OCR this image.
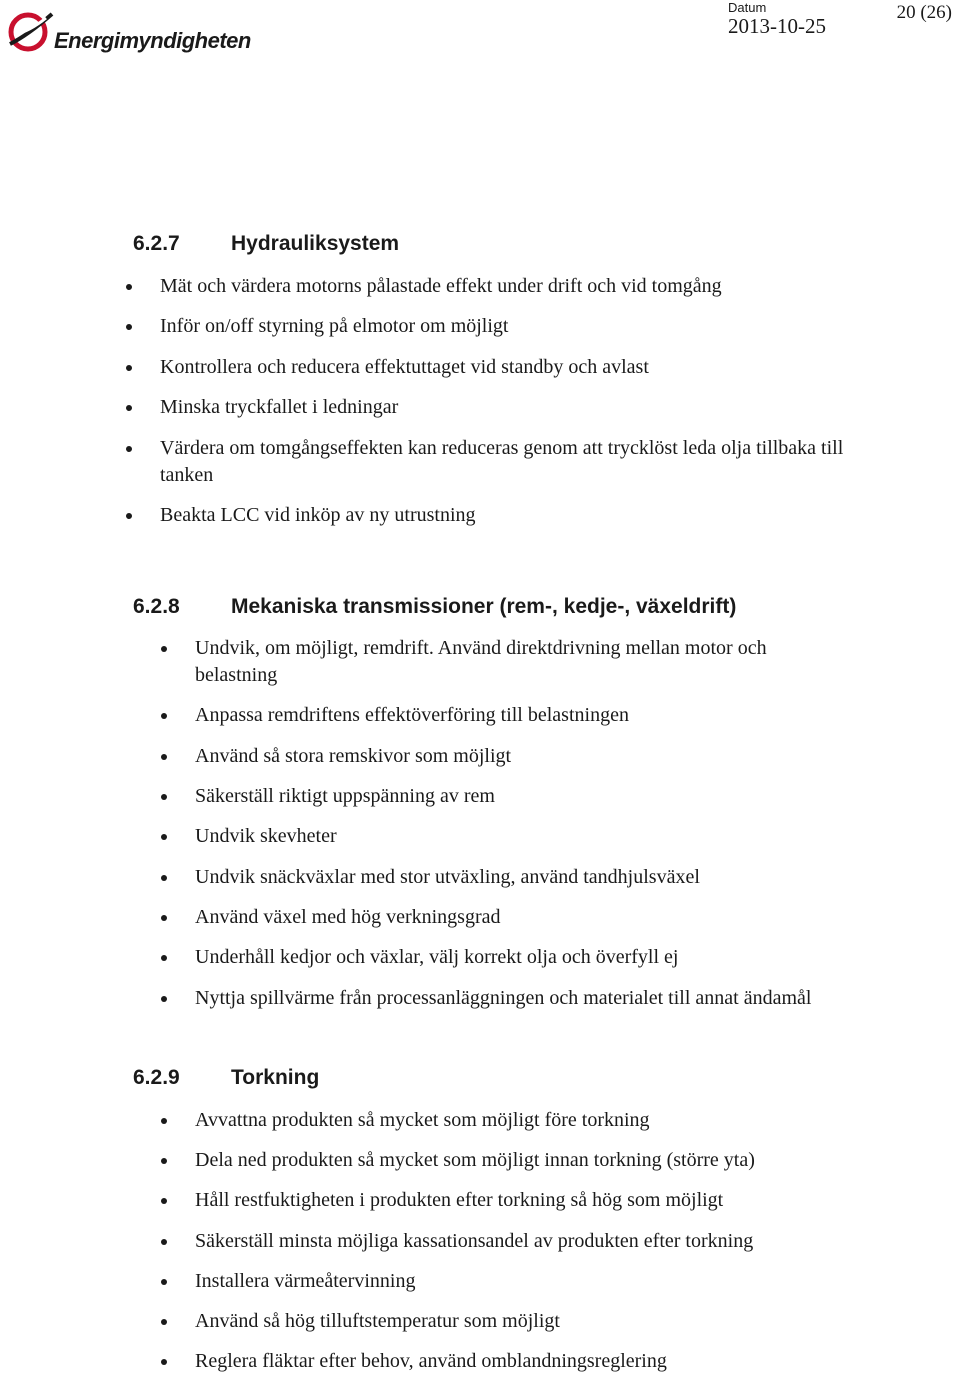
Energimyndigheten
Datum
2013-10-25
20 (26)
6.2.7 Hydrauliksystem
Mät och värdera motorns pålastade effekt under drift och vid tomgång
Inför on/off styrning på elmotor om möjligt
Kontrollera och reducera effektuttaget vid standby och avlast
Minska tryckfallet i ledningar
Värdera om tomgångseffekten kan reduceras genom att trycklöst leda olja tillbaka till tanken
Beakta LCC vid inköp av ny utrustning
6.2.8 Mekaniska transmissioner (rem-, kedje-, växeldrift)
Undvik, om möjligt, remdrift. Använd direktdrivning mellan motor och belastning
Anpassa remdriftens effektöverföring till belastningen
Använd så stora remskivor som möjligt
Säkerställ riktigt uppspänning av rem
Undvik skevheter
Undvik snäckväxlar med stor utväxling, använd tandhjulsväxel
Använd växel med hög verkningsgrad
Underhåll kedjor och växlar, välj korrekt olja och överfyll ej
Nyttja spillvärme från processanläggningen och materialet till annat ändamål
6.2.9 Torkning
Avvattna produkten så mycket som möjligt före torkning
Dela ned produkten så mycket som möjligt innan torkning (större yta)
Håll restfuktigheten i produkten efter torkning så hög som möjligt
Säkerställ minsta möjliga kassationsandel av produkten efter torkning
Installera värmeåtervinning
Använd så hög tilluftstemperatur som möjligt
Reglera fläktar efter behov, använd omblandningsreglering
